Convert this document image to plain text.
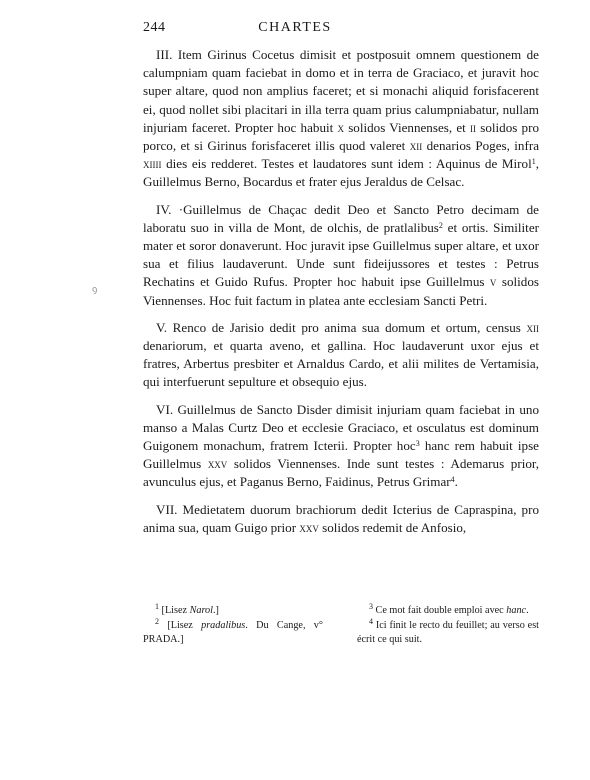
244	CHARTES
ꝯ

III. Item Girinus Cocetus dimisit et postposuit omnem questionem de calumpniam quam faciebat in domo et in terra de Graciaco, et juravit hoc super altare, quod non amplius faceret; et si monachi aliquid forisfacerent ei, quod nollet sibi placitari in illa terra quam prius calumpniabatur, nullam injuriam faceret. Propter hoc habuit x solidos Viennenses, et ii solidos pro porco, et si Girinus forisfaceret illis quod valeret xii denarios Poges, infra xiiii dies eis redderet. Testes et laudatores sunt idem : Aquinus de Mirol$^1$, Guillelmus Berno, Bocardus et frater ejus Jeraldus de Celsac.

IV. ·Guillelmus de Chaçac dedit Deo et Sancto Petro decimam de laboratu suo in villa de Mont, de olchis, de pratlalibus$^2$ et ortis. Similiter mater et soror donaverunt. Hoc juravit ipse Guillelmus super altare, et uxor sua et filius laudaverunt. Unde sunt fideijussores et testes : Petrus Rechatins et Guido Rufus. Propter hoc habuit ipse Guillelmus v solidos Viennenses. Hoc fuit factum in platea ante ecclesiam Sancti Petri.

V. Renco de Jarisio dedit pro anima sua domum et ortum, census xii denariorum, et quarta aveno, et gallina. Hoc laudaverunt uxor ejus et fratres, Arbertus presbiter et Arnaldus Cardo, et alii milites de Vertamisia, qui interfuerunt sepulture et obsequio ejus.

VI. Guillelmus de Sancto Disder dimisit injuriam quam faciebat in uno manso a Malas Curtz Deo et ecclesie Graciaco, et osculatus est dominum Guigonem monachum, fratrem Icterii. Propter hoc$^3$ hanc rem habuit ipse Guillelmus xxv solidos Viennenses. Inde sunt testes : Ademarus prior, avunculus ejus, et Paganus Berno, Faidinus, Petrus Grimar$^4$.

VII. Medietatem duorum brachiorum dedit Icterius de Capraspina, pro anima sua, quam Guigo prior xxv solidos redemit de Anfosio,

$^1$ [Lisez Narol.]

$^2$ [Lisez pradalibus. Du Cange, v° PRADA.]

$^3$ Ce mot fait double emploi avec hanc.

$^4$ Ici finit le recto du feuillet; au verso est écrit ce qui suit.
